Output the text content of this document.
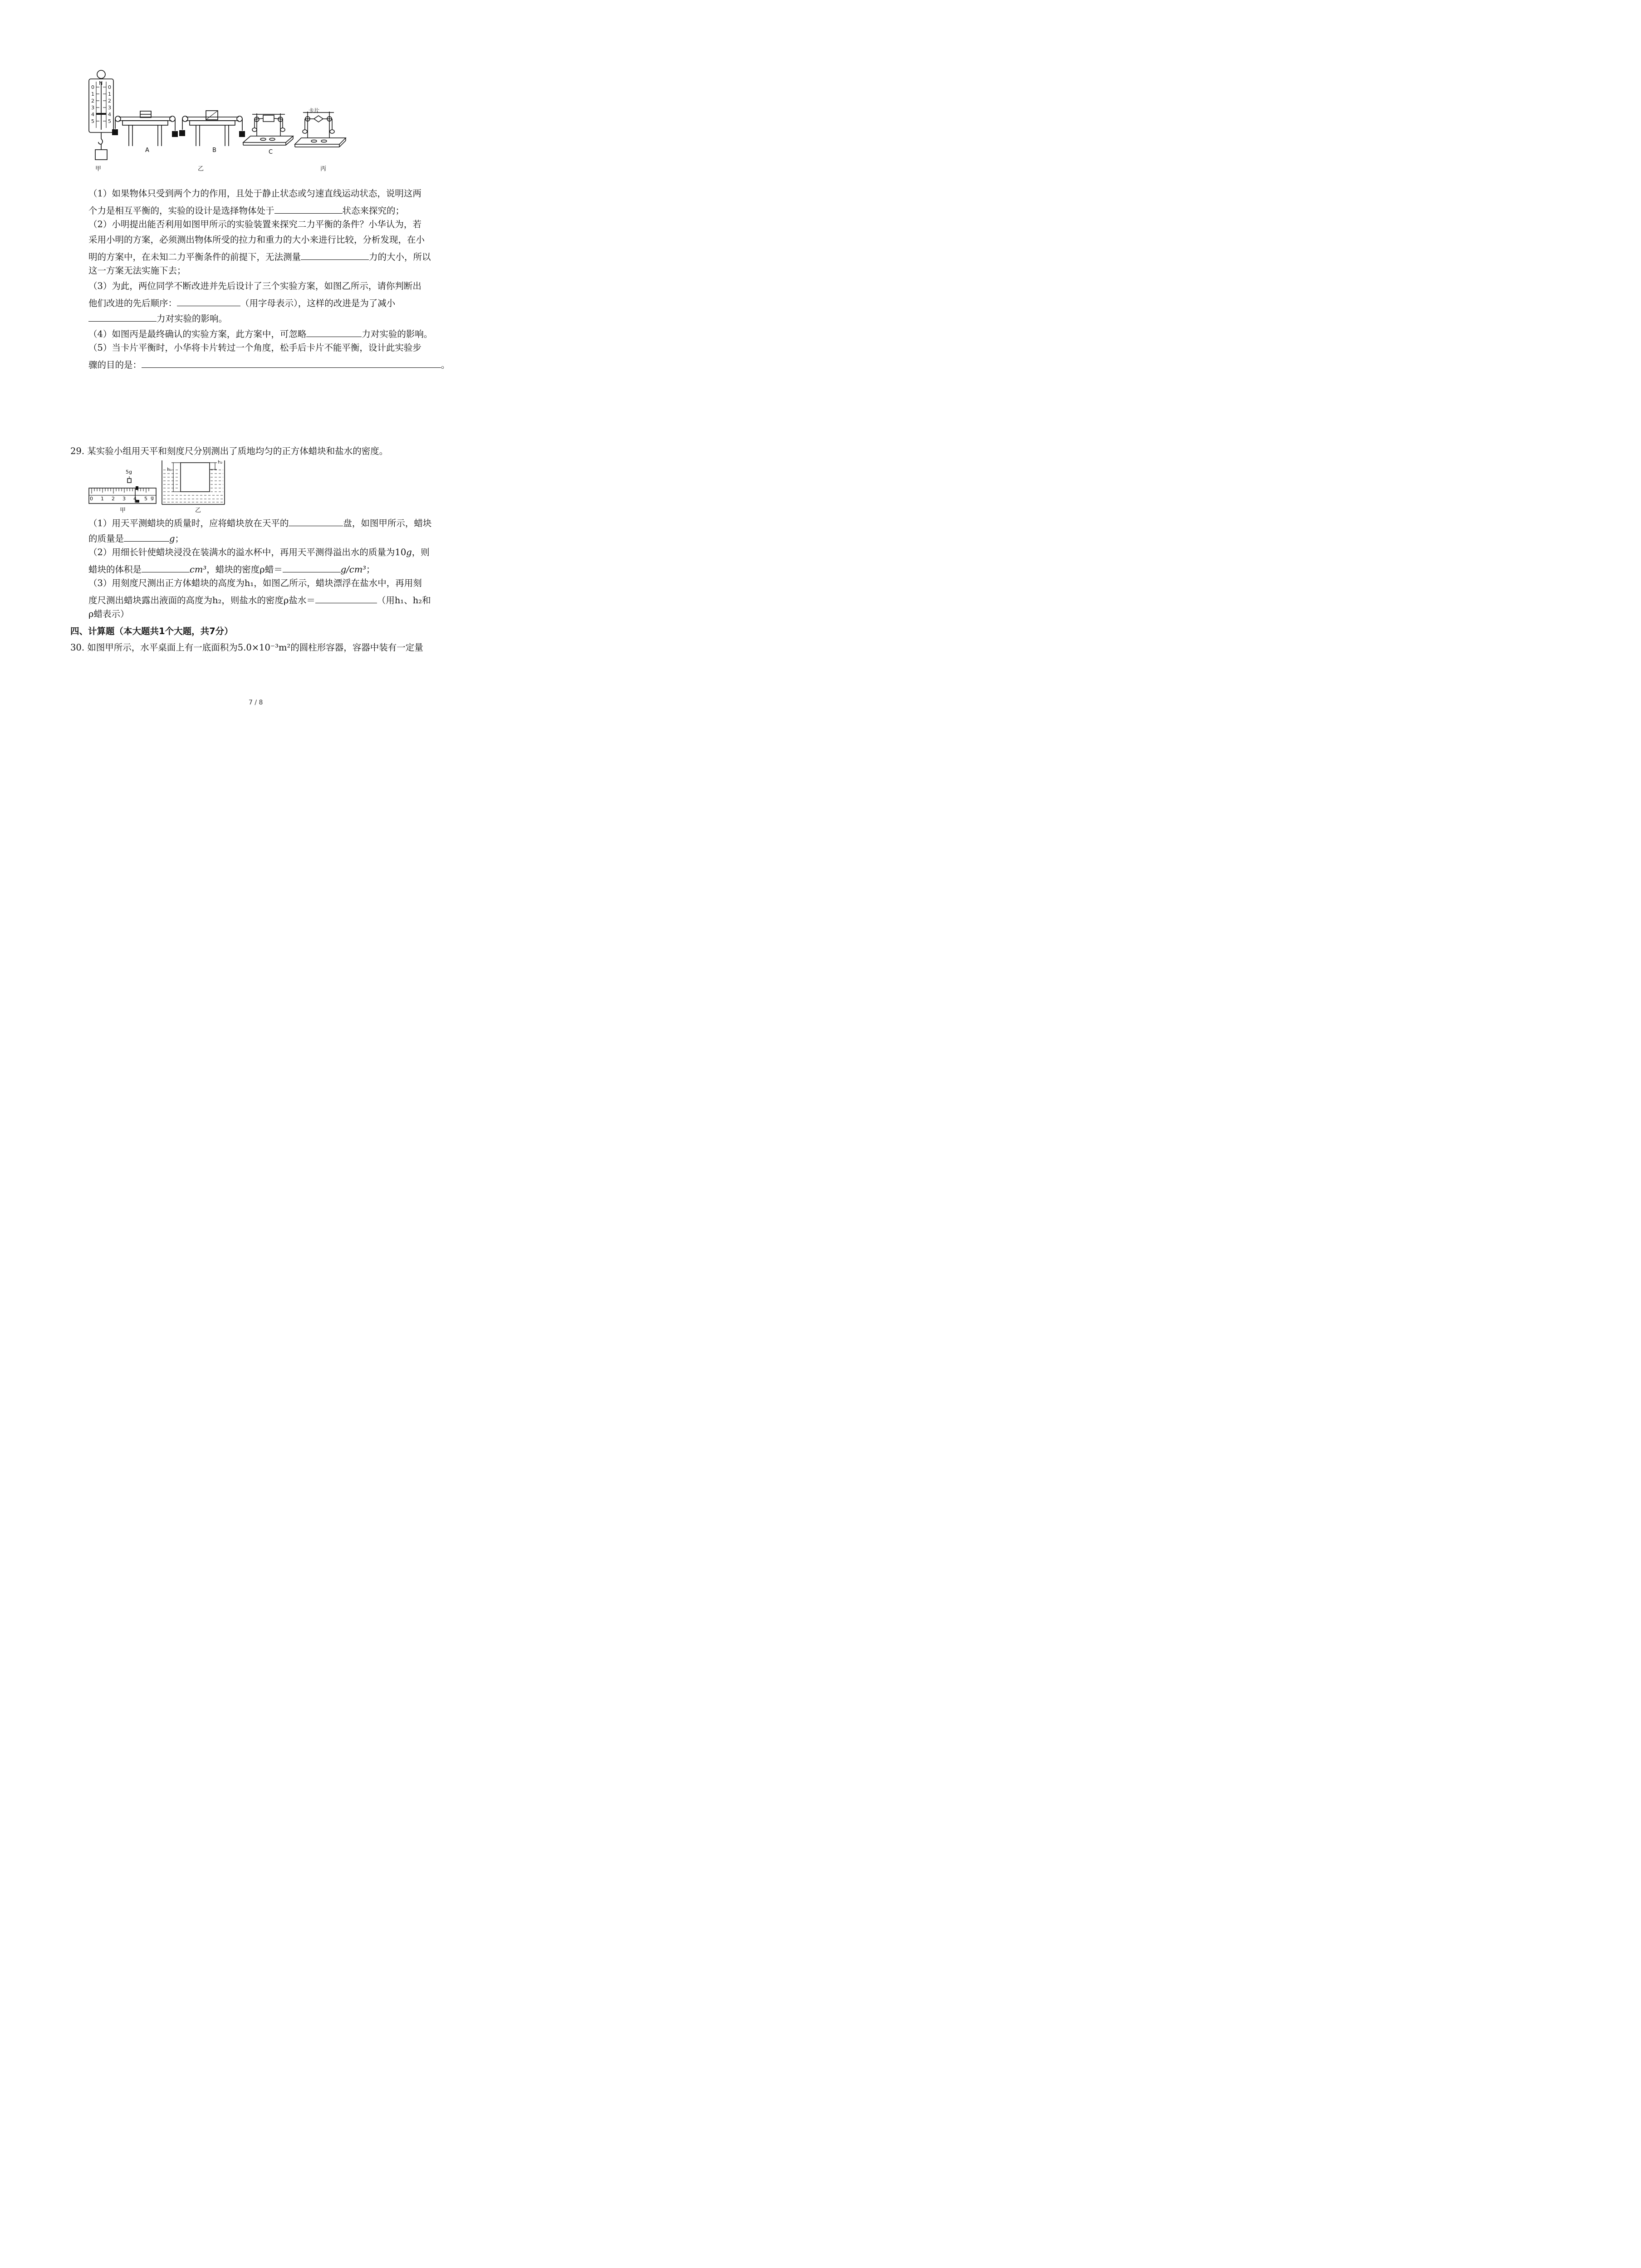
N
0
1
2
3
4
5
0
1
2
3
4
5
卡片
A	B	C
甲	乙	丙
（1）如果物体只受到两个力的作用，且处于静止状态或匀速直线运动状态，说明这两
个力是相互平衡的，实验的设计是选择物体处于	状态来探究的；
（2）小明提出能否利用如图甲所示的实验装置来探究二力平衡的条件？小华认为，若
采用小明的方案，必须测出物体所受的拉力和重力的大小来进行比较，分析发现，在小
明的方案中，在未知二力平衡条件的前提下，无法测量	力的大小，所以
这一方案无法实施下去；
（3）为此，两位同学不断改进并先后设计了三个实验方案，如图乙所示，请你判断出
他们改进的先后顺序：	（用字母表示），这样的改进是为了减小
力对实验的影响。
（4）如图丙是最终确认的实验方案，此方案中，可忽略	力对实验的影响。
（5）当卡片平衡时，小华将卡片转过一个角度，松手后卡片不能平衡，设计此实验步
骤的目的是：	。
29. 某实验小组用天平和刻度尺分别测出了质地均匀的正方体蜡块和盐水的密度。
5g
0 1 2 3 4 5 g
h₁
h₂
甲	乙
（1）用天平测蜡块的质量时，应将蜡块放在天平的	盘，如图甲所示，蜡块
的质量是	g；
（2）用细长针使蜡块浸没在装满水的溢水杯中，再用天平测得溢出水的质量为10g，则
蜡块的体积是	cm³，蜡块的密度ρ蜡＝	g/cm³；
（3）用刻度尺测出正方体蜡块的高度为h₁，如图乙所示，蜡块漂浮在盐水中，再用刻
度尺测出蜡块露出液面的高度为h₂，则盐水的密度ρ盐水＝	（用h₁、h₂和
ρ蜡表示）
四、计算题（本大题共1个大题，共7分）
30. 如图甲所示，水平桌面上有一底面积为5.0×10⁻³m²的圆柱形容器，容器中装有一定量
7 / 8
